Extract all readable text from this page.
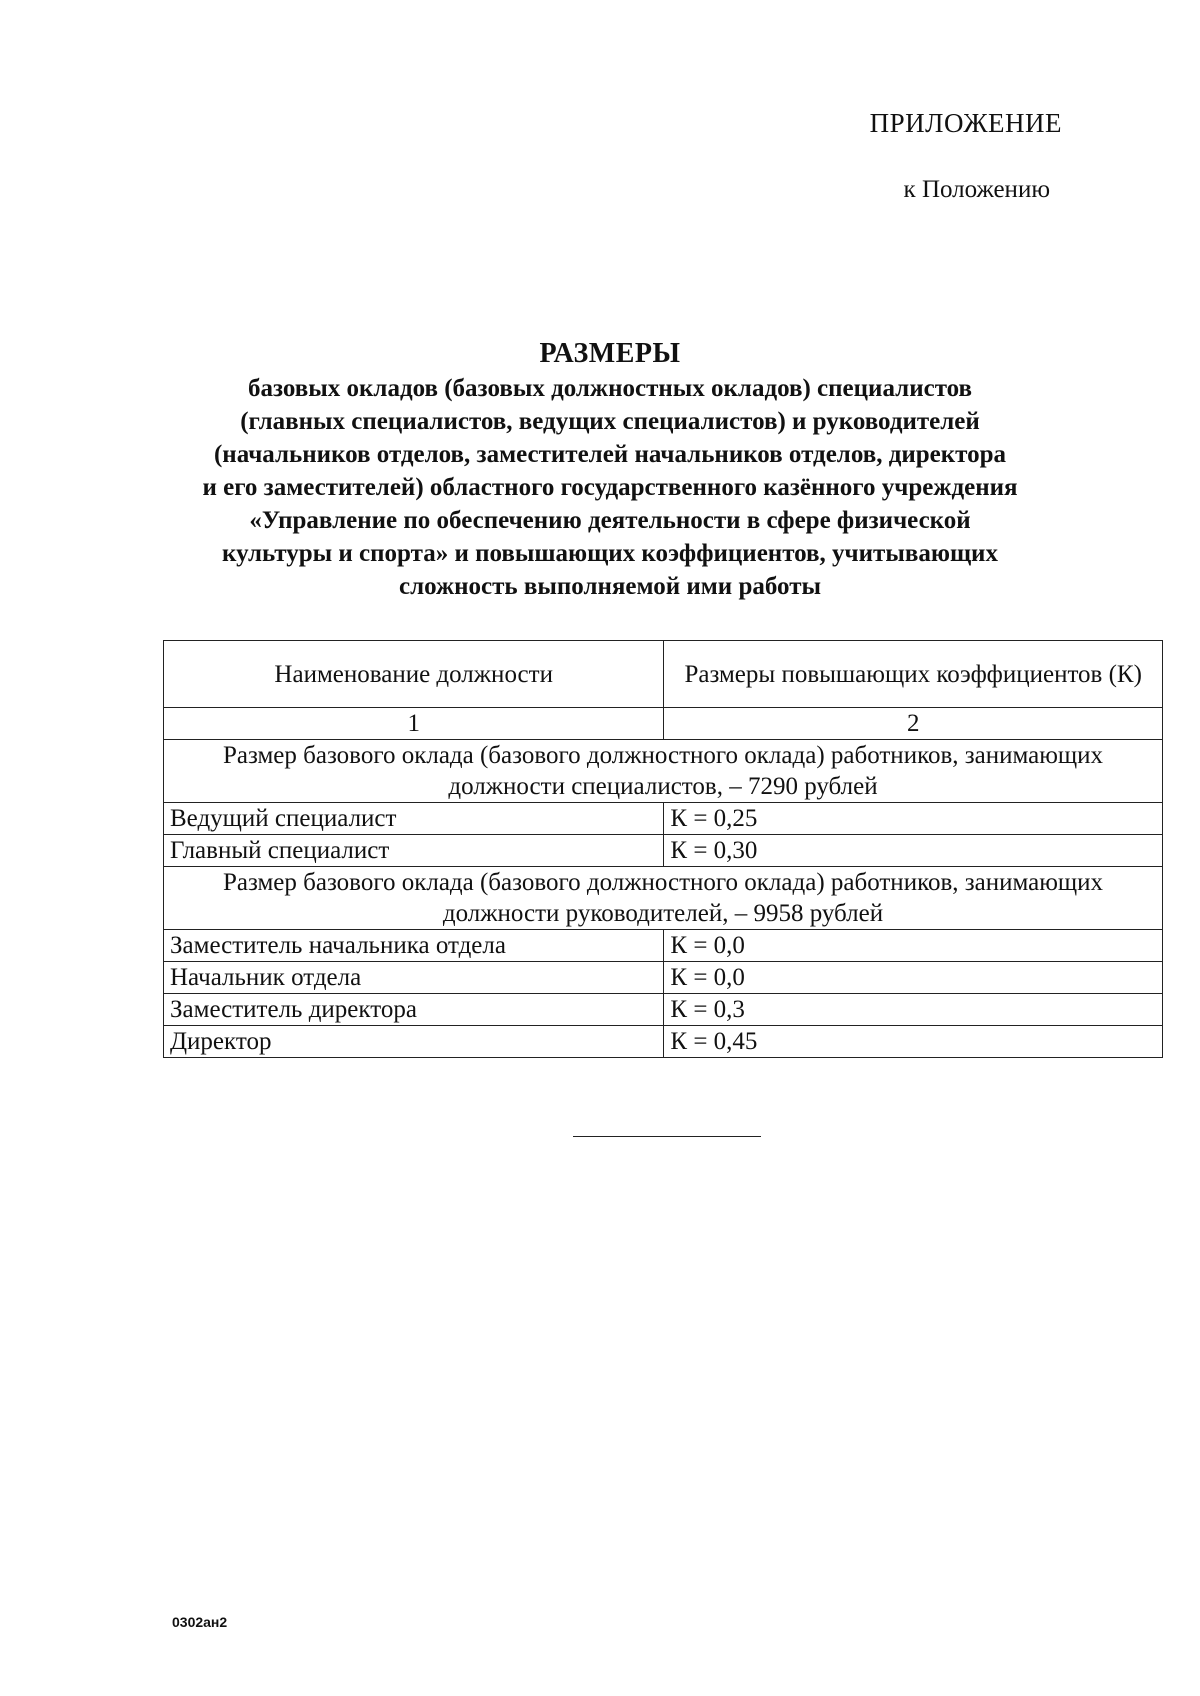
ПРИЛОЖЕНИЕ
к Положению
РАЗМЕРЫ
базовых окладов (базовых должностных окладов) специалистов
(главных специалистов, ведущих специалистов) и руководителей
(начальников отделов, заместителей начальников отделов, директора
и его заместителей) областного государственного казённого учреждения
«Управление по обеспечению деятельности в сфере физической
культуры и спорта» и повышающих коэффициентов, учитывающих
сложность выполняемой ими работы
Наименование должности	Размеры повышающих коэффициентов (К)
1	2
Размер базового оклада (базового должностного оклада) работников, занимающих должности специалистов, – 7290 рублей	
Ведущий специалист	К = 0,25
Главный специалист	К = 0,30
Размер базового оклада (базового должностного оклада) работников, занимающих должности руководителей, – 9958 рублей	
Заместитель начальника отдела	К = 0,0
Начальник отдела	К = 0,0
Заместитель директора	К = 0,3
Директор	К = 0,45
0302ан2
